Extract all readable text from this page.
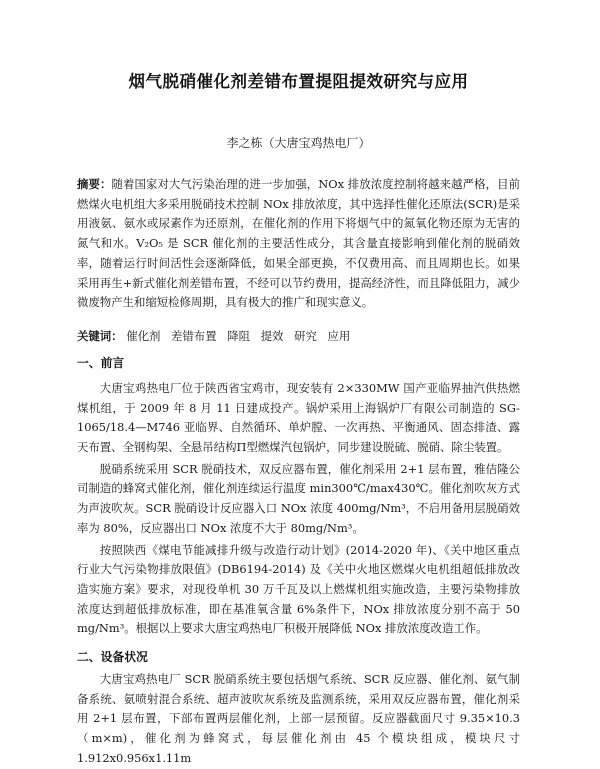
烟气脱硝催化剂差错布置提阻提效研究与应用
李之栋（大唐宝鸡热电厂）
摘要：随着国家对大气污染治理的进一步加强，NOx 排放浓度控制将越来越严格，目前燃煤火电机组大多采用脱硝技术控制 NOx 排放浓度，其中选择性催化还原法(SCR)是采用液氨、氨水或尿素作为还原剂，在催化剂的作用下将烟气中的氮氧化物还原为无害的氮气和水。V₂O₅ 是 SCR 催化剂的主要活性成分，其含量直接影响到催化剂的脱硝效率，随着运行时间活性会逐渐降低，如果全部更换，不仅费用高、而且周期也长。如果采用再生+新式催化剂差错布置，不经可以节约费用，提高经济性，而且降低阻力，减少微废物产生和缩短检修周期，具有极大的推广和现实意义。
关键词： 催化剂 差错布置 降阻 提效 研究 应用
一、前言

大唐宝鸡热电厂位于陕西省宝鸡市，现安装有 2×330MW 国产亚临界抽汽供热燃煤机组，于 2009 年 8 月 11 日建成投产。锅炉采用上海锅炉厂有限公司制造的 SG-1065/18.4—M746 亚临界、自然循环、单炉膛、一次再热、平衡通风、固态排渣、露天布置、全钢构架、全悬吊结构Π型燃煤汽包锅炉，同步建设脱硫、脱硝、除尘装置。

脱硝系统采用 SCR 脱硝技术，双反应器布置，催化剂采用 2+1 层布置，雅佶隆公司制造的蜂窝式催化剂，催化剂连续运行温度 min300℃/max430℃。催化剂吹灰方式为声波吹灰。SCR 脱硝设计反应器入口 NOx 浓度 400mg/Nm³，不启用备用层脱硝效率为 80%，反应器出口 NOx 浓度不大于 80mg/Nm³。

按照陕西《煤电节能减排升级与改造行动计划》(2014-2020 年)、《关中地区重点行业大气污染物排放限值》(DB6194-2014) 及《关中火地区燃煤火电机组超低排放改造实施方案》要求，对现役单机 30 万千瓦及以上燃煤机组实施改造，主要污染物排放浓度达到超低排放标准，即在基准氧含量 6%条件下，NOx 排放浓度分别不高于 50 mg/Nm³。根据以上要求大唐宝鸡热电厂积极开展降低 NOx 排放浓度改造工作。

二、设备状况

大唐宝鸡热电厂 SCR 脱硝系统主要包括烟气系统、SCR 反应器、催化剂、氨气制备系统、氨喷射混合系统、超声波吹灰系统及监测系统，采用双反应器布置，催化剂采用 2+1 层布置，下部布置两层催化剂，上部一层预留。反应器截面尺寸 9.35×10.3（m×m)，催化剂为蜂窝式，每层催化剂由 45 个模块组成，模块尺寸 1.912x0.956x1.11m
